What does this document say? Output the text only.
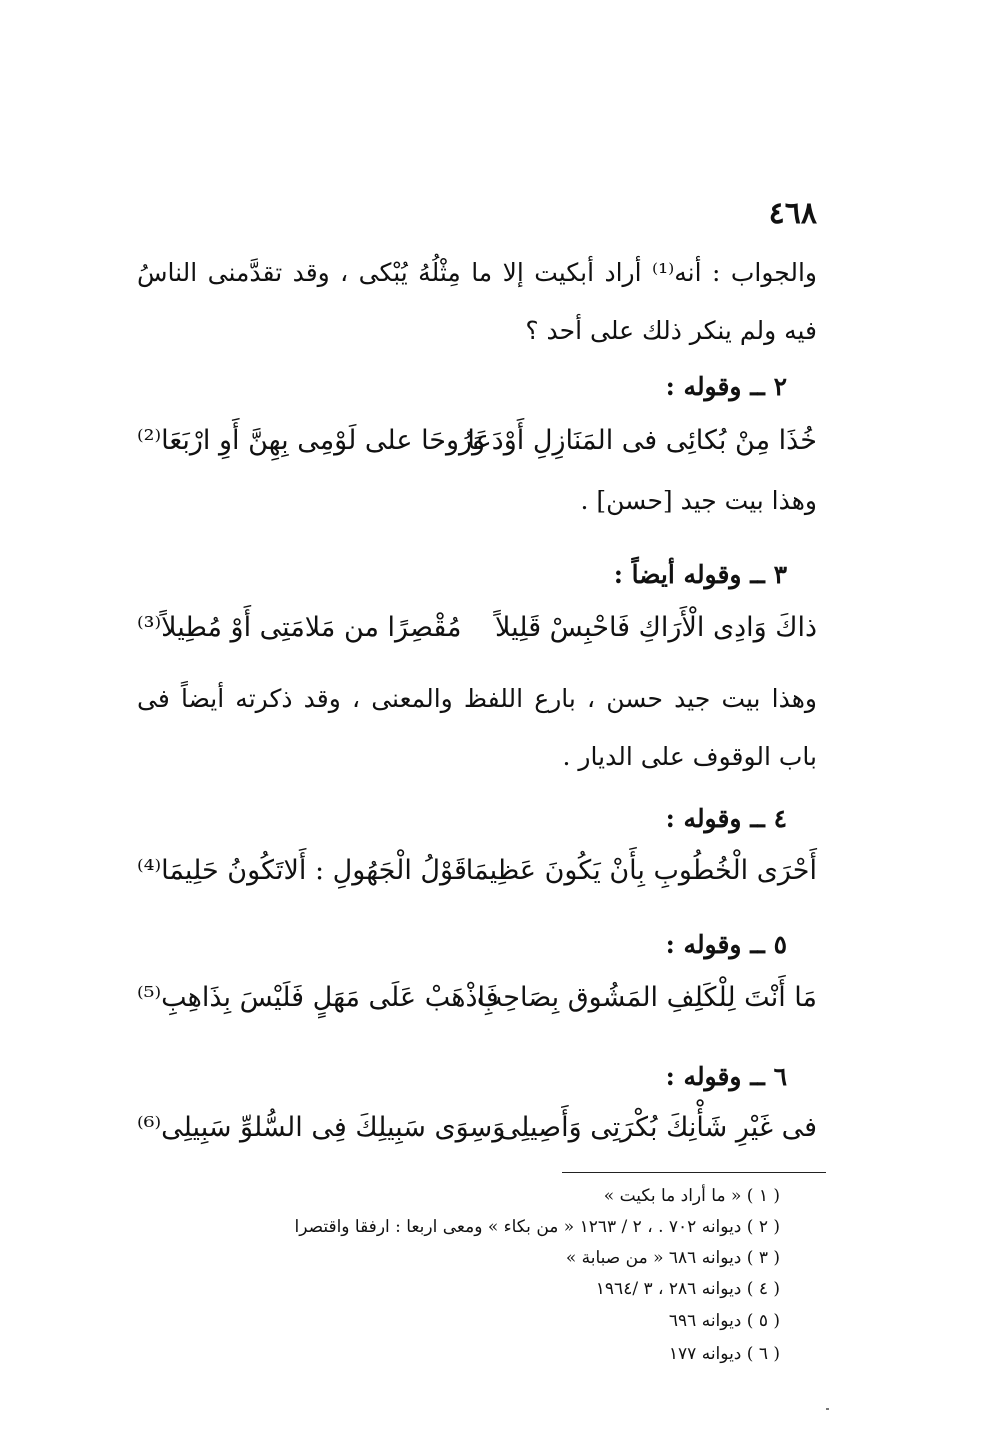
٤٦٨
والجواب : أنه⁽¹⁾ أراد أبكيت إلا ما مِثْلُهُ يُبْكى ، وقد تقدَّمنى الناسُ فيه ولم ينكر ذلك على أحد ؟
٢ ــ وقوله :
خُذَا مِنْ بُكائِى فى المَنَازِلِ أَوْدَعَا
وَرُوحَا على لَوْمِى بِهِنَّ أَوِ ارْبَعَا⁽²⁾
وهذا بيت جيد [حسن] .
٣ ــ وقوله أيضاً :
ذاكَ وَادِى الْأَرَاكِ فَاحْبِسْ قَلِيلاً
مُقْصِرًا من مَلامَتِى أَوْ مُطِيلاً⁽³⁾
وهذا بيت جيد حسن ، بارع اللفظ والمعنى ، وقد ذكرته أيضاً فى باب الوقوف على الديار .
٤ ــ وقوله :
أَحْرَى الْخُطُوبِ بِأَنْ يَكُونَ عَظِيمَا
قَوْلُ الْجَهُولِ : أَلاتَكُونُ حَلِيمَا⁽⁴⁾
٥ ــ وقوله :
مَا أَنْتَ لِلْكَلِفِ المَشُوق بِصَاحِبِ
فَاذْهَبْ عَلَى مَهَلٍ فَلَيْسَ بِذَاهِبِ⁽⁵⁾
٦ ــ وقوله :
فى غَيْرِ شَأْنِكَ بُكْرَتِى وَأَصِيلِى
وَسِوَى سَبِيلِكَ فِى السُّلوِّ سَبِيلِى⁽⁶⁾
( ١ ) « ما أراد ما بكيت »
( ٢ ) ديوانه ٧٠٢ . ، ٢ / ١٢٦٣ « من بكاء » ومعى اربعا : ارفقا واقتصرا
( ٣ ) ديوانه ٦٨٦ « من صبابة »
( ٤ ) ديوانه ٢٨٦ ، ٣ /١٩٦٤
( ٥ ) ديوانه ٦٩٦
( ٦ ) ديوانه ١٧٧
